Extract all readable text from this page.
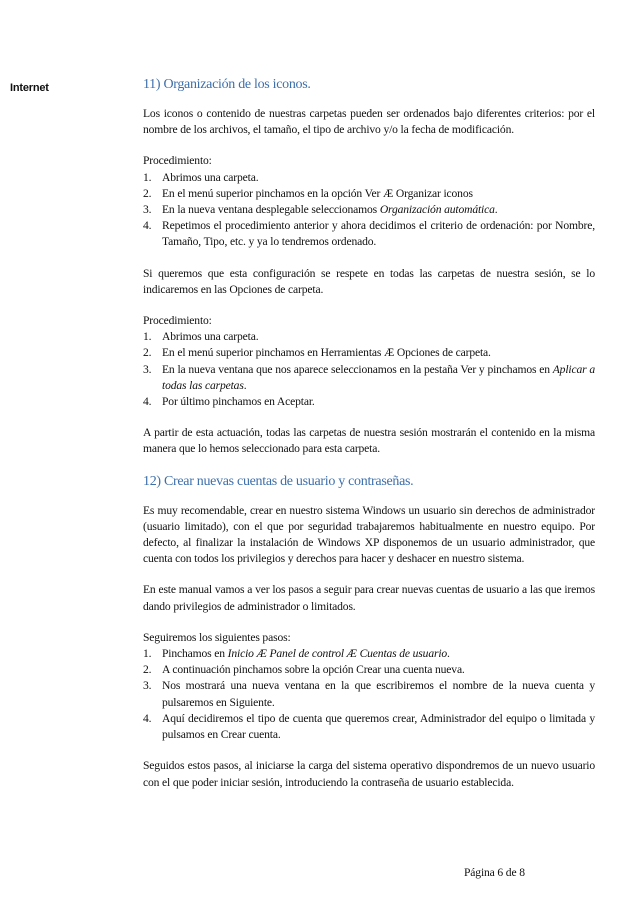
Internet	11) Organización de los iconos.

Los iconos o contenido de nuestras carpetas pueden ser ordenados bajo diferentes criterios: por el nombre de los archivos, el tamaño, el tipo de archivo y/o la fecha de modificación.

Procedimiento:
1. Abrimos una carpeta.
2. En el menú superior pinchamos en la opción Ver Æ Organizar iconos
3. En la nueva ventana desplegable seleccionamos Organización automática.
4. Repetimos el procedimiento anterior y ahora decidimos el criterio de ordenación: por Nombre, Tamaño, Tipo, etc. y ya lo tendremos ordenado.

Si queremos que esta configuración se respete en todas las carpetas de nuestra sesión, se lo indicaremos en las Opciones de carpeta.

Procedimiento:
1. Abrimos una carpeta.
2. En el menú superior pinchamos en Herramientas Æ Opciones de carpeta.
3. En la nueva ventana que nos aparece seleccionamos en la pestaña Ver y pinchamos en Aplicar a todas las carpetas.
4. Por último pinchamos en Aceptar.

A partir de esta actuación, todas las carpetas de nuestra sesión mostrarán el contenido en la misma manera que lo hemos seleccionado para esta carpeta.

12) Crear nuevas cuentas de usuario y contraseñas.

Es muy recomendable, crear en nuestro sistema Windows un usuario sin derechos de administrador (usuario limitado), con el que por seguridad trabajaremos habitualmente en nuestro equipo. Por defecto, al finalizar la instalación de Windows XP disponemos de un usuario administrador, que cuenta con todos los privilegios y derechos para hacer y deshacer en nuestro sistema.

En este manual vamos a ver los pasos a seguir para crear nuevas cuentas de usuario a las que iremos dando privilegios de administrador o limitados.

Seguiremos los siguientes pasos:
1. Pinchamos en Inicio Æ Panel de control Æ Cuentas de usuario.
2. A continuación pinchamos sobre la opción Crear una cuenta nueva.
3. Nos mostrará una nueva ventana en la que escribiremos el nombre de la nueva cuenta y pulsaremos en Siguiente.
4. Aquí decidiremos el tipo de cuenta que queremos crear, Administrador del equipo o limitada y pulsamos en Crear cuenta.

Seguidos estos pasos, al iniciarse la carga del sistema operativo dispondremos de un nuevo usuario con el que poder iniciar sesión, introduciendo la contraseña de usuario establecida.

Página 6 de 8
